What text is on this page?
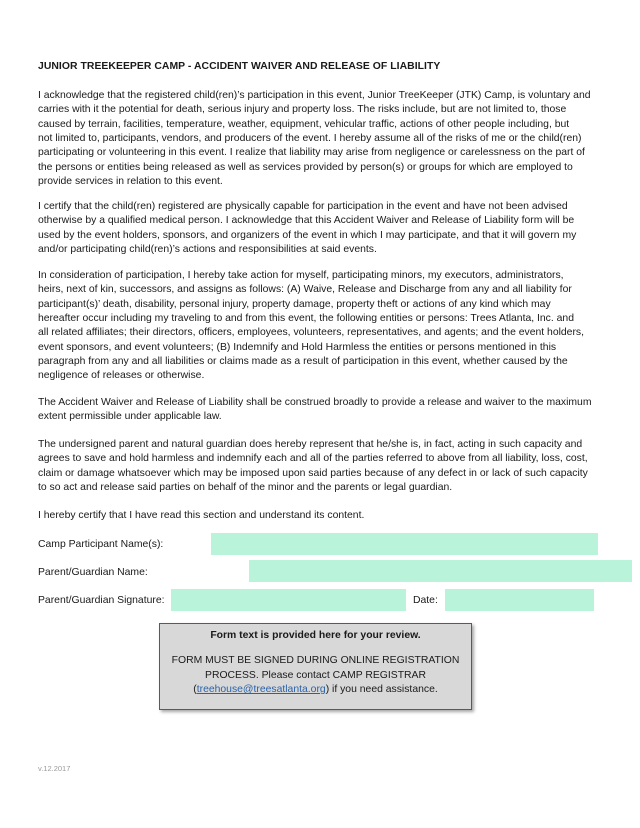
JUNIOR TREEKEEPER CAMP - ACCIDENT WAIVER AND RELEASE OF LIABILITY

I acknowledge that the registered child(ren)’s participation in this event, Junior TreeKeeper (JTK) Camp, is voluntary and
carries with it the potential for death, serious injury and property loss. The risks include, but are not limited to, those
caused by terrain, facilities, temperature, weather, equipment, vehicular traffic, actions of other people including, but
not limited to, participants, vendors, and producers of the event. I hereby assume all of the risks of me or the child(ren)
participating or volunteering in this event. I realize that liability may arise from negligence or carelessness on the part of
the persons or entities being released as well as services provided by person(s) or groups for which are employed to
provide services in relation to this event.

I certify that the child(ren) registered are physically capable for participation in the event and have not been advised
otherwise by a qualified medical person. I acknowledge that this Accident Waiver and Release of Liability form will be
used by the event holders, sponsors, and organizers of the event in which I may participate, and that it will govern my
and/or participating child(ren)’s actions and responsibilities at said events.

In consideration of participation, I hereby take action for myself, participating minors, my executors, administrators,
heirs, next of kin, successors, and assigns as follows: (A) Waive, Release and Discharge from any and all liability for
participant(s)’ death, disability, personal injury, property damage, property theft or actions of any kind which may
hereafter occur including my traveling to and from this event, the following entities or persons: Trees Atlanta, Inc. and
all related affiliates; their directors, officers, employees, volunteers, representatives, and agents; and the event holders,
event sponsors, and event volunteers; (B) Indemnify and Hold Harmless the entities or persons mentioned in this
paragraph from any and all liabilities or claims made as a result of participation in this event, whether caused by the
negligence of releases or otherwise.

The Accident Waiver and Release of Liability shall be construed broadly to provide a release and waiver to the maximum
extent permissible under applicable law.

The undersigned parent and natural guardian does hereby represent that he/she is, in fact, acting in such capacity and
agrees to save and hold harmless and indemnify each and all of the parties referred to above from all liability, loss, cost,
claim or damage whatsoever which may be imposed upon said parties because of any defect in or lack of such capacity
to so act and release said parties on behalf of the minor and the parents or legal guardian.

I hereby certify that I have read this section and understand its content.

Camp Participant Name(s):
Parent/Guardian Name:
Parent/Guardian Signature:	Date:
Form text is provided here for your review.
FORM MUST BE SIGNED DURING ONLINE REGISTRATION
PROCESS. Please contact CAMP REGISTRAR
(treehouse@treesatlanta.org) if you need assistance.
v.12.2017
